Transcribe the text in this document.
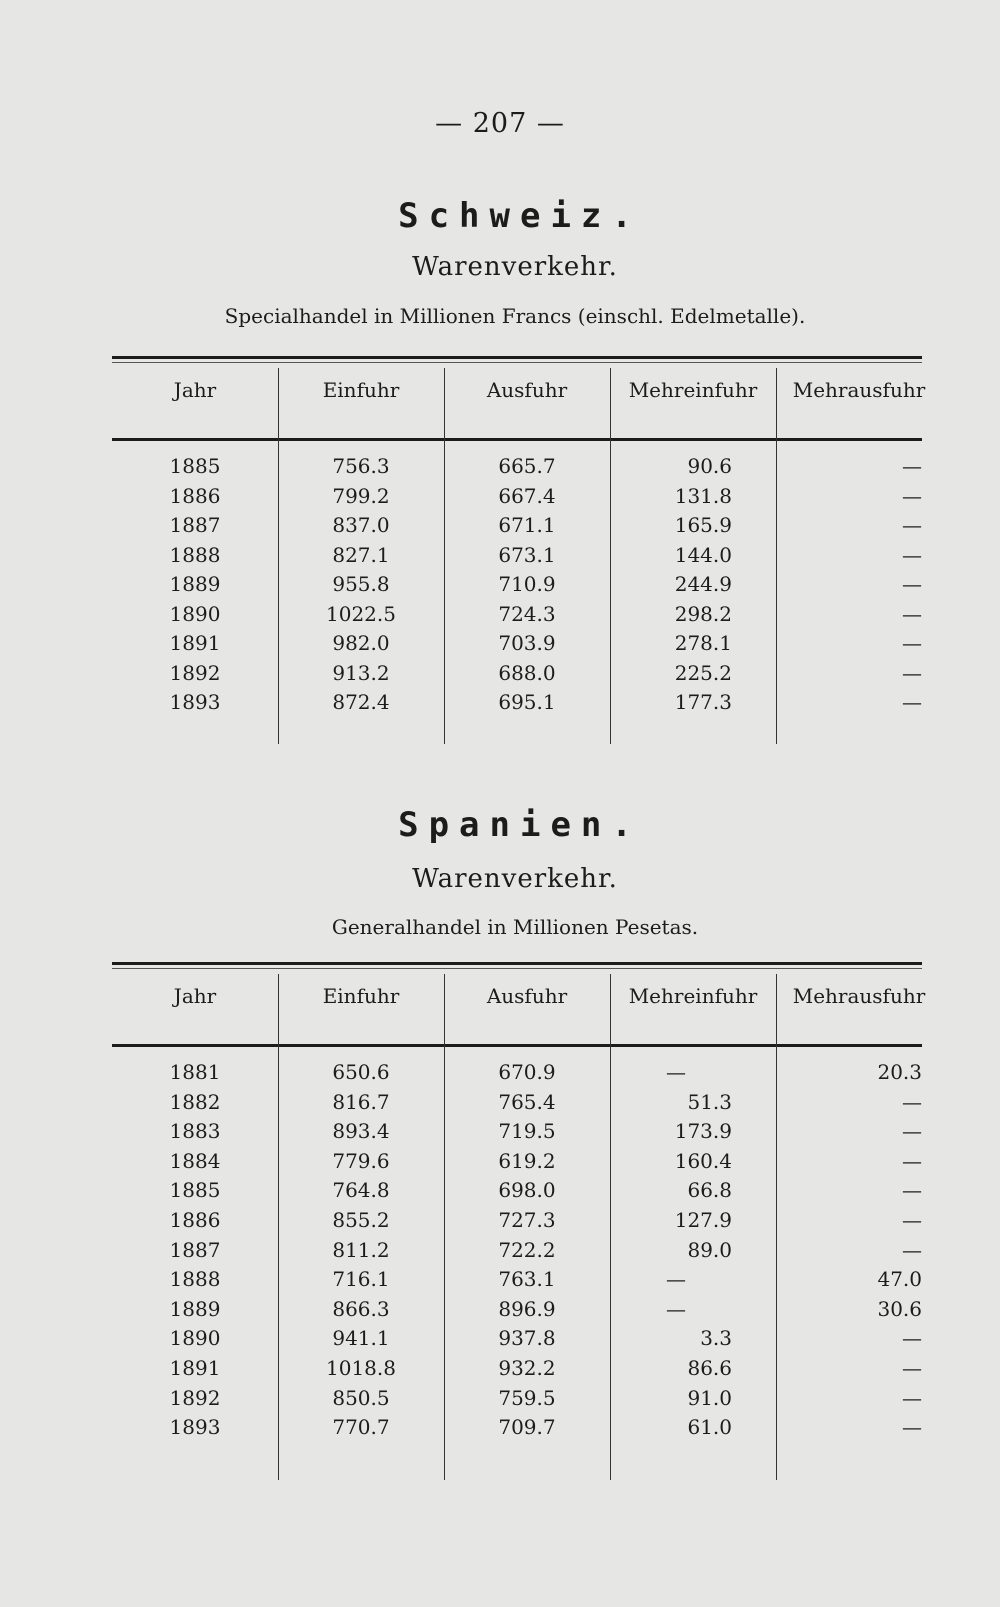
— 207 —
Schweiz.
Warenverkehr.
Specialhandel in Millionen Francs (einschl. Edelmetalle).
Jahr	Einfuhr	Ausfuhr	Mehreinfuhr	Mehrausfuhr
1885	756.3	665.7	90.6	—
1886	799.2	667.4	131.8	—
1887	837.0	671.1	165.9	—
1888	827.1	673.1	144.0	—
1889	955.8	710.9	244.9	—
1890	1022.5	724.3	298.2	—
1891	982.0	703.9	278.1	—
1892	913.2	688.0	225.2	—
1893	872.4	695.1	177.3	—
Spanien.
Warenverkehr.
Generalhandel in Millionen Pesetas.
Jahr	Einfuhr	Ausfuhr	Mehreinfuhr	Mehrausfuhr
1881	650.6	670.9	—	20.3
1882	816.7	765.4	51.3	—
1883	893.4	719.5	173.9	—
1884	779.6	619.2	160.4	—
1885	764.8	698.0	66.8	—
1886	855.2	727.3	127.9	—
1887	811.2	722.2	89.0	—
1888	716.1	763.1	—	47.0
1889	866.3	896.9	—	30.6
1890	941.1	937.8	3.3	—
1891	1018.8	932.2	86.6	—
1892	850.5	759.5	91.0	—
1893	770.7	709.7	61.0	—
